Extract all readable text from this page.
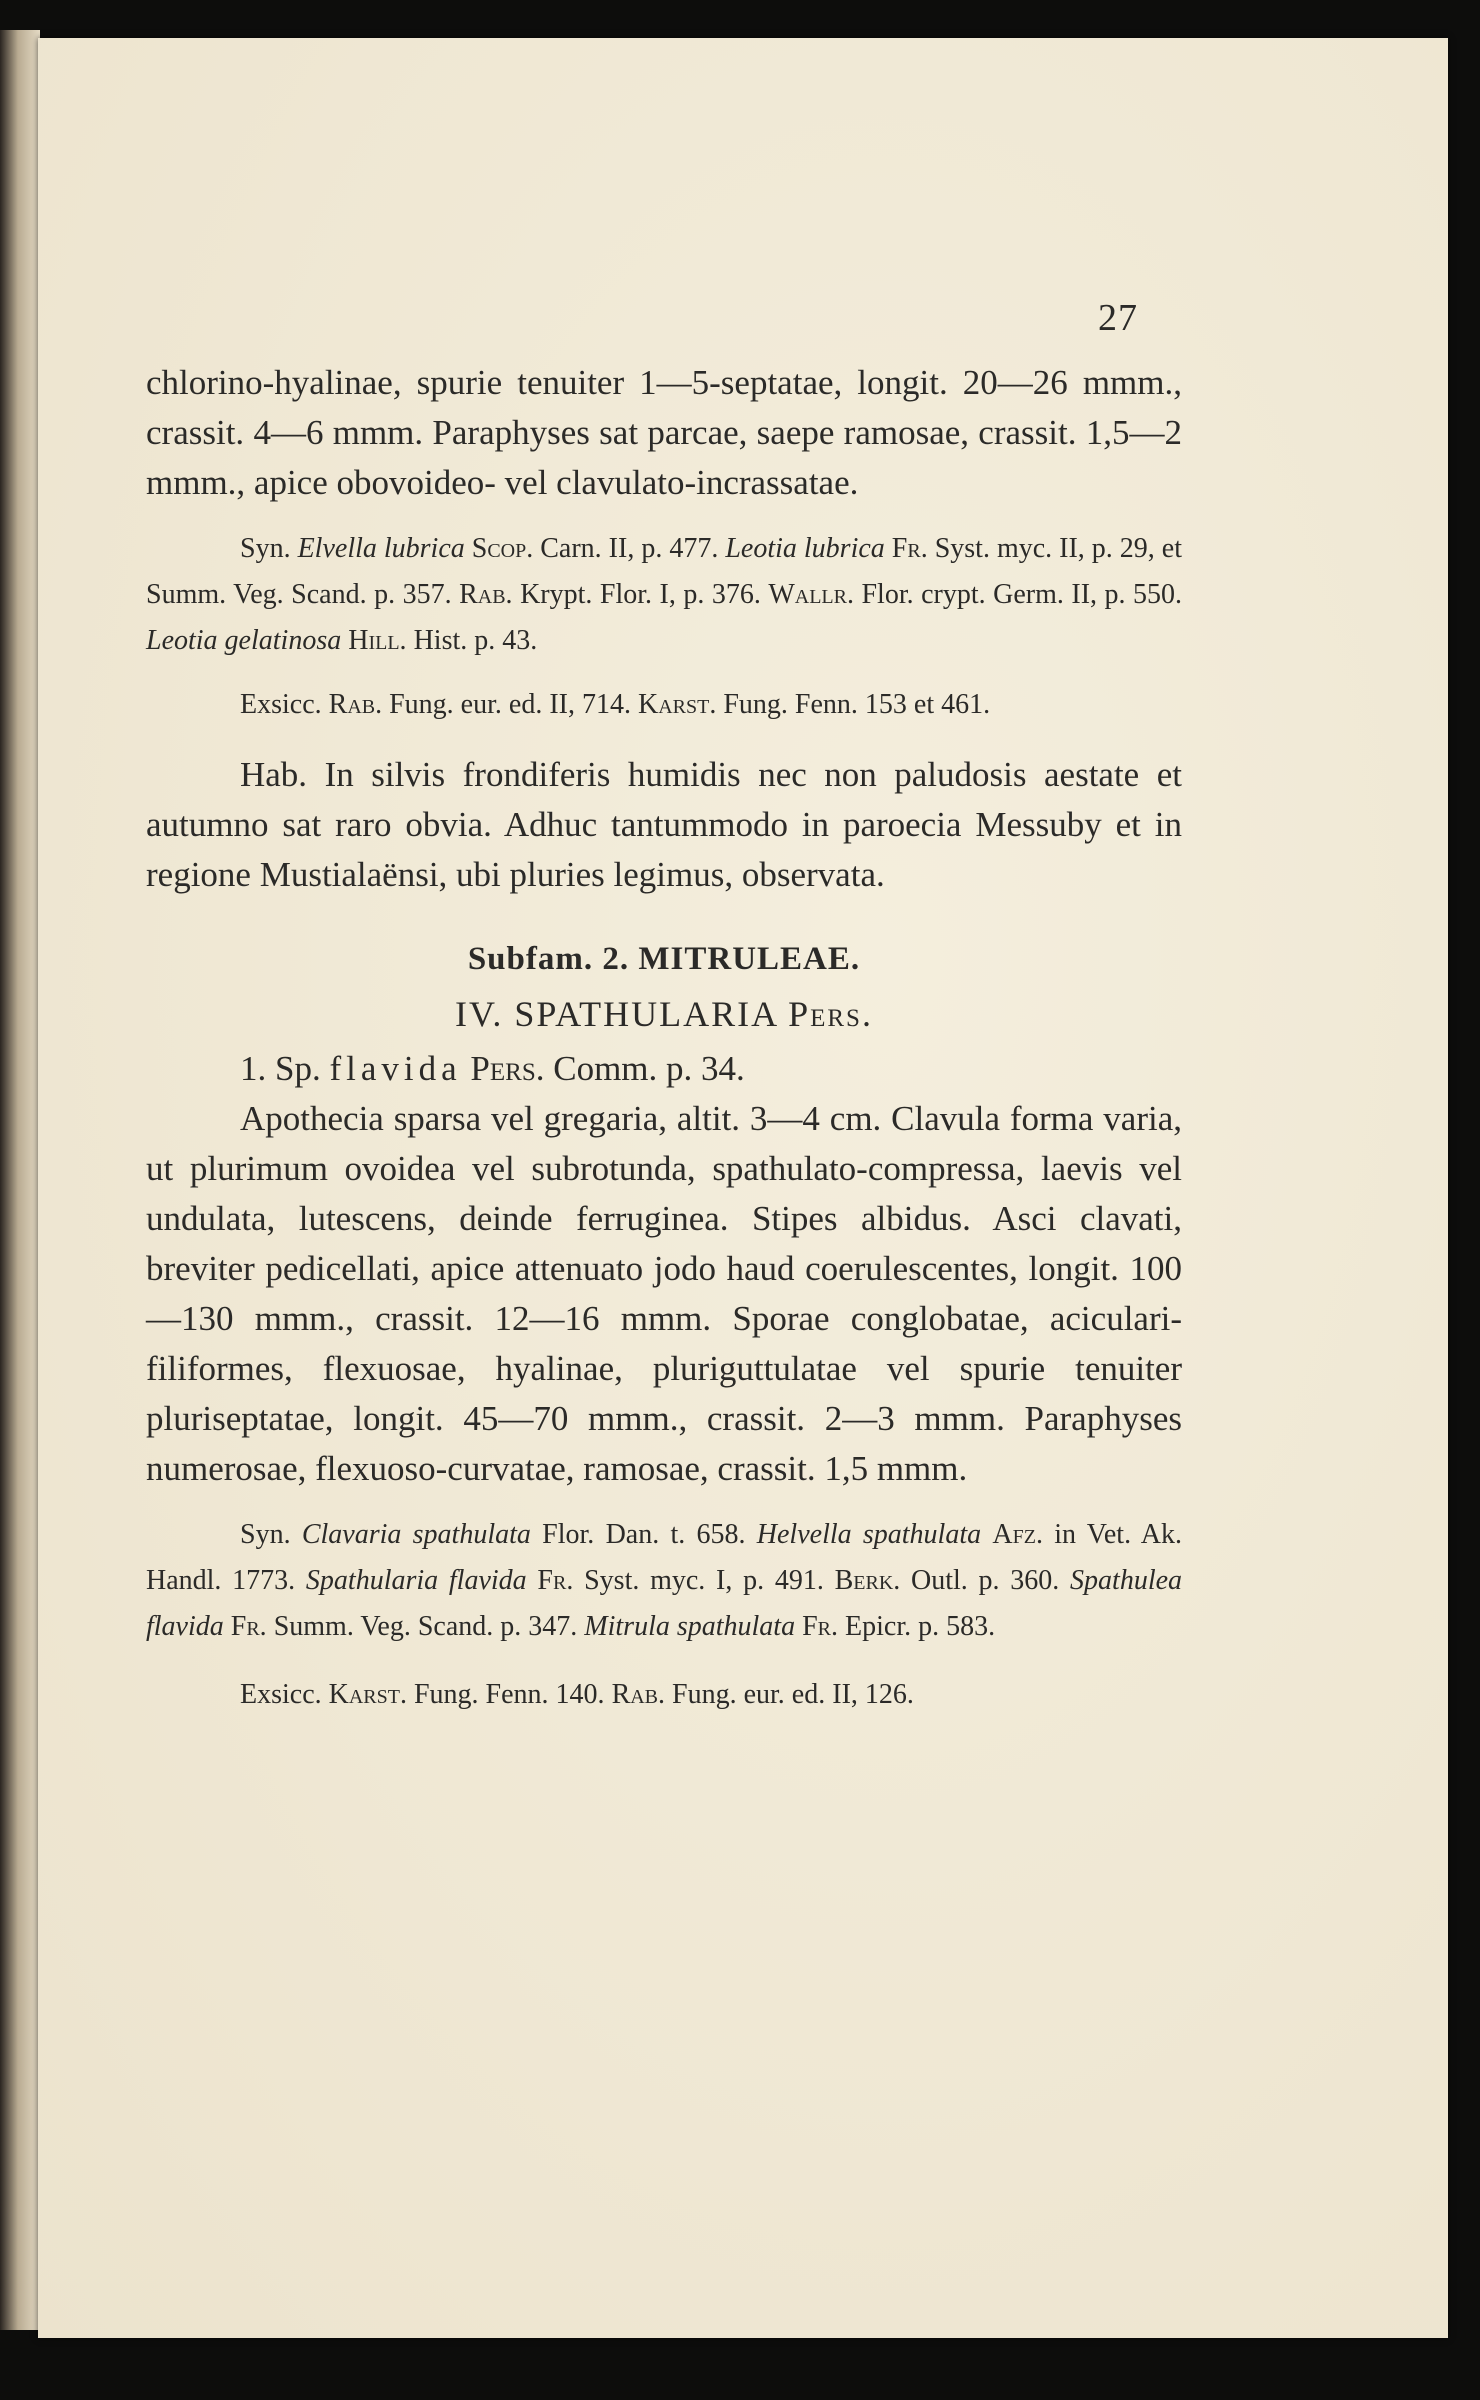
27

chlorino-hyalinae, spurie tenuiter 1—5-septatae, longit. 20—26 mmm., crassit. 4—6 mmm. Paraphyses sat parcae, saepe ramosae, crassit. 1,5—2 mmm., apice obovoideo- vel clavulato-incrassatae.

Syn. Elvella lubrica Scop. Carn. II, p. 477. Leotia lubrica Fr. Syst. myc. II, p. 29, et Summ. Veg. Scand. p. 357. Rab. Krypt. Flor. I, p. 376. Wallr. Flor. crypt. Germ. II, p. 550. Leotia gelatinosa Hill. Hist. p. 43.

Exsicc. Rab. Fung. eur. ed. II, 714. Karst. Fung. Fenn. 153 et 461.

Hab. In silvis frondiferis humidis nec non paludosis aestate et autumno sat raro obvia. Adhuc tantummodo in paroecia Messuby et in regione Mustialaënsi, ubi pluries legimus, observata.

Subfam. 2. MITRULEAE.
IV. SPATHULARIA Pers.

1. Sp. flavida Pers. Comm. p. 34.

Apothecia sparsa vel gregaria, altit. 3—4 cm. Clavula forma varia, ut plurimum ovoidea vel subrotunda, spathulato-compressa, laevis vel undulata, lutescens, deinde ferruginea. Stipes albidus. Asci clavati, breviter pedicellati, apice attenuato jodo haud coerulescentes, longit. 100—130 mmm., crassit. 12—16 mmm. Sporae conglobatae, aciculari-filiformes, flexuosae, hyalinae, pluriguttulatae vel spurie tenuiter pluriseptatae, longit. 45—70 mmm., crassit. 2—3 mmm. Paraphyses numerosae, flexuoso-curvatae, ramosae, crassit. 1,5 mmm.

Syn. Clavaria spathulata Flor. Dan. t. 658. Helvella spathulata Afz. in Vet. Ak. Handl. 1773. Spathularia flavida Fr. Syst. myc. I, p. 491. Berk. Outl. p. 360. Spathulea flavida Fr. Summ. Veg. Scand. p. 347. Mitrula spathulata Fr. Epicr. p. 583.

Exsicc. Karst. Fung. Fenn. 140. Rab. Fung. eur. ed. II, 126.
